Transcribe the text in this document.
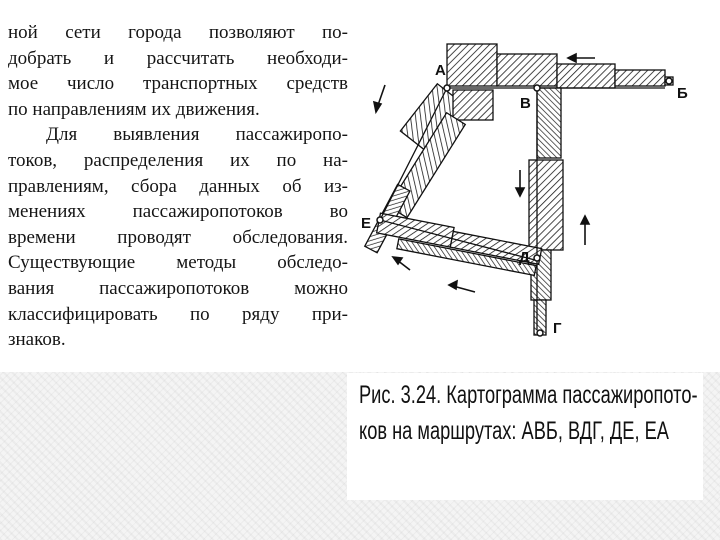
ной сети города позволяют по-
добрать и рассчитать необходи-
мое число транспортных средств
по направлениям их движения.
Для выявления пассажиропо-
токов, распределения их по на-
правлениям, сбора данных об из-
менениях пассажиропотоков во
времени проводят обследования.
Существующие методы обследо-
вания пассажиропотоков можно
классифицировать по ряду при-
знаков.
А
Б
В
Г
Д
Е
Рис. 3.24. Картограмма пассажиропото-
ков на маршрутах: АВБ, ВДГ, ДЕ, ЕА
